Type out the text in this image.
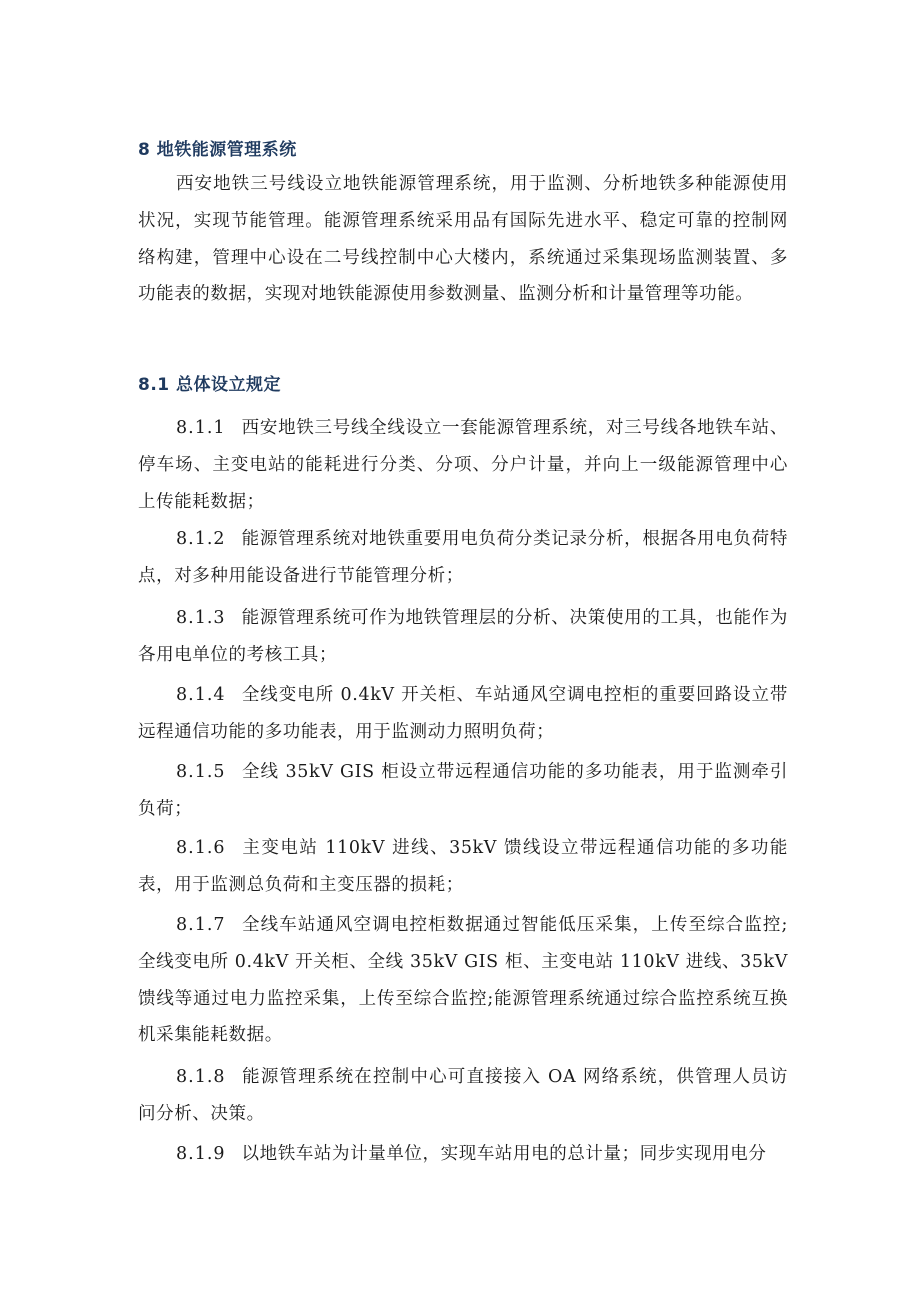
8 地铁能源管理系统

西安地铁三号线设立地铁能源管理系统，用于监测、分析地铁多种能源使用状况，实现节能管理。能源管理系统采用品有国际先进水平、稳定可靠的控制网络构建，管理中心设在二号线控制中心大楼内，系统通过采集现场监测装置、多功能表的数据，实现对地铁能源使用参数测量、监测分析和计量管理等功能。

8.1 总体设立规定

8.1.1 西安地铁三号线全线设立一套能源管理系统，对三号线各地铁车站、停车场、主变电站的能耗进行分类、分项、分户计量，并向上一级能源管理中心上传能耗数据；

8.1.2 能源管理系统对地铁重要用电负荷分类记录分析，根据各用电负荷特点，对多种用能设备进行节能管理分析；

8.1.3 能源管理系统可作为地铁管理层的分析、决策使用的工具，也能作为各用电单位的考核工具；

8.1.4 全线变电所 0.4kV 开关柜、车站通风空调电控柜的重要回路设立带远程通信功能的多功能表，用于监测动力照明负荷；

8.1.5 全线 35kV GIS 柜设立带远程通信功能的多功能表，用于监测牵引负荷；

8.1.6 主变电站 110kV 进线、35kV 馈线设立带远程通信功能的多功能表，用于监测总负荷和主变压器的损耗；

8.1.7 全线车站通风空调电控柜数据通过智能低压采集，上传至综合监控;全线变电所 0.4kV 开关柜、全线 35kV GIS 柜、主变电站 110kV 进线、35kV 馈线等通过电力监控采集，上传至综合监控;能源管理系统通过综合监控系统互换机采集能耗数据。

8.1.8 能源管理系统在控制中心可直接接入 OA 网络系统，供管理人员访问分析、决策。

8.1.9 以地铁车站为计量单位，实现车站用电的总计量；同步实现用电分
